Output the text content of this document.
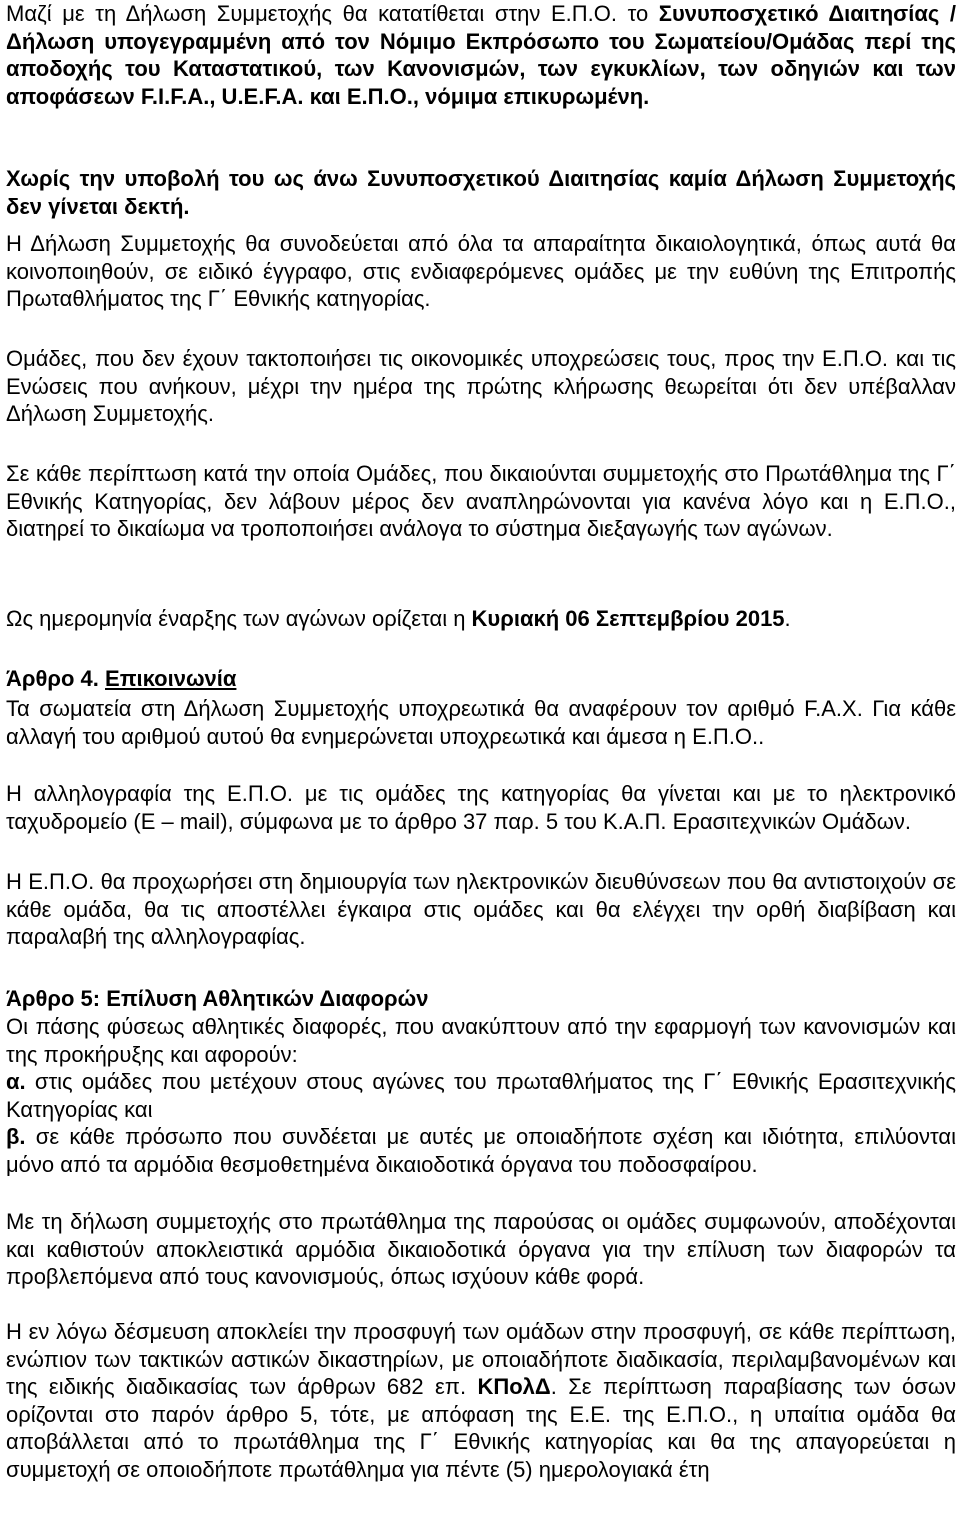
Μαζί με τη Δήλωση Συμμετοχής θα κατατίθεται στην Ε.Π.Ο. το Συνυποσχετικό Διαιτησίας / Δήλωση υπογεγραμμένη από τον Νόμιμο Εκπρόσωπο του Σωματείου/Ομάδας περί της αποδοχής του Καταστατικού, των Κανονισμών, των εγκυκλίων, των οδηγιών και των αποφάσεων F.I.F.A., U.E.F.A. και Ε.Π.Ο., νόμιμα επικυρωμένη.

Χωρίς την υποβολή του ως άνω Συνυποσχετικού Διαιτησίας καμία Δήλωση Συμμετοχής δεν γίνεται δεκτή.

Η Δήλωση Συμμετοχής θα συνοδεύεται από όλα τα απαραίτητα δικαιολογητικά, όπως αυτά θα κοινοποιηθούν, σε ειδικό έγγραφο, στις ενδιαφερόμενες ομάδες με την ευθύνη της Επιτροπής Πρωταθλήματος της Γ΄ Εθνικής κατηγορίας.

Ομάδες, που δεν έχουν τακτοποιήσει τις οικονομικές υποχρεώσεις τους, προς την Ε.Π.Ο. και τις Ενώσεις που ανήκουν, μέχρι την ημέρα της πρώτης κλήρωσης θεωρείται ότι δεν υπέβαλλαν Δήλωση Συμμετοχής.

Σε κάθε περίπτωση κατά την οποία Ομάδες, που δικαιούνται συμμετοχής στο Πρωτάθλημα της Γ΄ Εθνικής Κατηγορίας, δεν λάβουν μέρος δεν αναπληρώνονται για κανένα λόγο και η Ε.Π.Ο., διατηρεί το δικαίωμα να τροποποιήσει ανάλογα το σύστημα διεξαγωγής των αγώνων.

Ως ημερομηνία έναρξης των αγώνων ορίζεται η Κυριακή 06 Σεπτεμβρίου 2015.

Άρθρο 4. Επικοινωνία

Τα σωματεία στη Δήλωση Συμμετοχής υποχρεωτικά θα αναφέρουν τον αριθμό F.A.X. Για κάθε αλλαγή του αριθμού αυτού θα ενημερώνεται υποχρεωτικά και άμεσα η Ε.Π.Ο..

Η αλληλογραφία της Ε.Π.Ο. με τις ομάδες της κατηγορίας θα γίνεται και με το ηλεκτρονικό ταχυδρομείο (E – mail), σύμφωνα με το άρθρο 37 παρ. 5 του Κ.Α.Π. Ερασιτεχνικών Ομάδων.

Η Ε.Π.Ο. θα προχωρήσει στη δημιουργία των ηλεκτρονικών διευθύνσεων που θα αντιστοιχούν σε κάθε ομάδα, θα τις αποστέλλει έγκαιρα στις ομάδες και θα ελέγχει την ορθή διαβίβαση και παραλαβή της αλληλογραφίας.

Άρθρο 5: Επίλυση Αθλητικών Διαφορών

Οι πάσης φύσεως αθλητικές διαφορές, που ανακύπτουν από την εφαρμογή των κανονισμών και της προκήρυξης και αφορούν:

α. στις ομάδες που μετέχουν στους αγώνες του πρωταθλήματος της Γ΄ Εθνικής Ερασιτεχνικής Κατηγορίας και

β. σε κάθε πρόσωπο που συνδέεται με αυτές με οποιαδήποτε σχέση και ιδιότητα, επιλύονται μόνο από τα αρμόδια θεσμοθετημένα δικαιοδοτικά όργανα του ποδοσφαίρου.

Με τη δήλωση συμμετοχής στο πρωτάθλημα της παρούσας οι ομάδες συμφωνούν, αποδέχονται και καθιστούν αποκλειστικά αρμόδια δικαιοδοτικά όργανα για την επίλυση των διαφορών τα προβλεπόμενα από τους κανονισμούς, όπως ισχύουν κάθε φορά.

Η εν λόγω δέσμευση αποκλείει την προσφυγή των ομάδων στην προσφυγή, σε κάθε περίπτωση, ενώπιον των τακτικών αστικών δικαστηρίων, με οποιαδήποτε διαδικασία, περιλαμβανομένων και της ειδικής διαδικασίας των άρθρων 682 επ. ΚΠολΔ. Σε περίπτωση παραβίασης των όσων ορίζονται στο παρόν άρθρο 5, τότε, με απόφαση της Ε.Ε. της Ε.Π.Ο., η υπαίτια ομάδα θα αποβάλλεται από το πρωτάθλημα της Γ΄ Εθνικής κατηγορίας και θα της απαγορεύεται η συμμετοχή σε οποιοδήποτε πρωτάθλημα για πέντε (5) ημερολογιακά έτη
